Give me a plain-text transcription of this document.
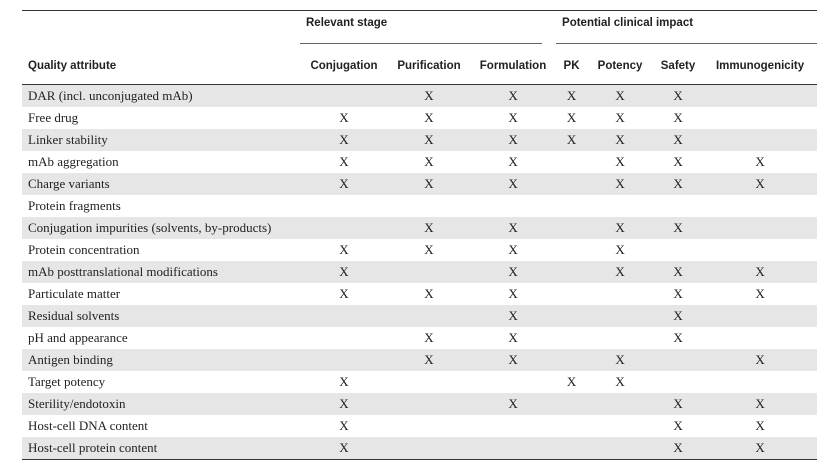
	Relevant stage			Potential clinical impact			

Quality attribute	Conjugation	Purification	Formulation	PK	Potency	Safety	Immunogenicity
DAR (incl. unconjugated mAb)		X	X	X	X	X	
Free drug	X	X	X	X	X	X	
Linker stability	X	X	X	X	X	X	
mAb aggregation	X	X	X		X	X	X
Charge variants	X	X	X		X	X	X
Protein fragments							
Conjugation impurities (solvents, by-products)		X	X		X	X	
Protein concentration	X	X	X		X		
mAb posttranslational modifications	X		X		X	X	X
Particulate matter	X	X	X			X	X
Residual solvents			X			X	
pH and appearance		X	X			X	
Antigen binding		X	X		X		X
Target potency	X			X	X		
Sterility/endotoxin	X		X			X	X
Host-cell DNA content	X					X	X
Host-cell protein content	X					X	X
